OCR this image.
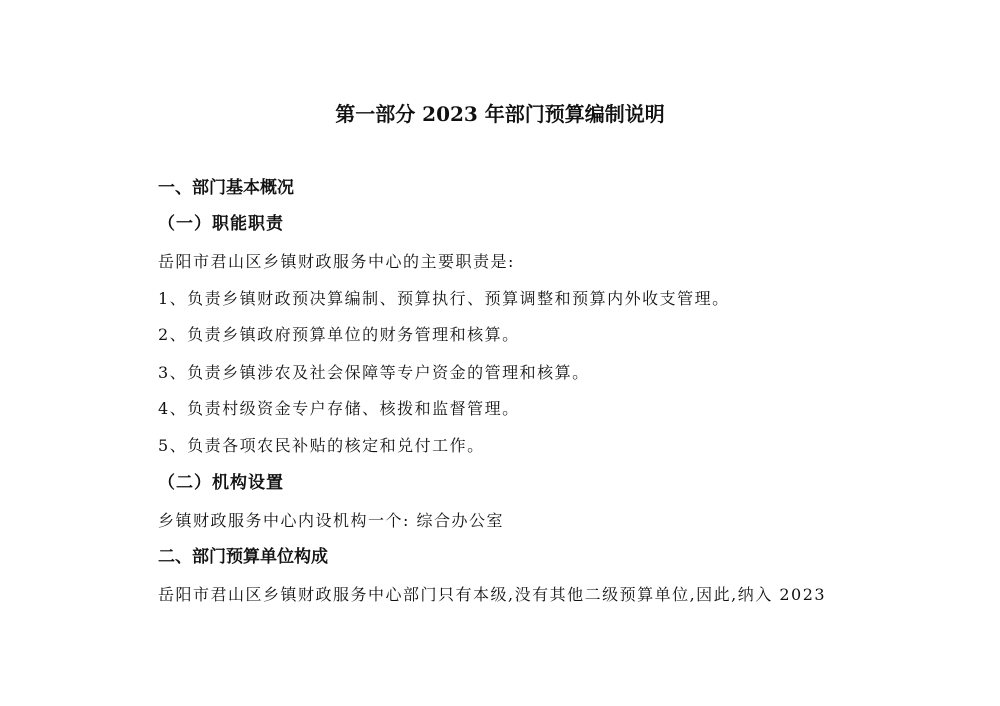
第一部分 2023 年部门预算编制说明
一、部门基本概况
（一）职能职责
岳阳市君山区乡镇财政服务中心的主要职责是:
1、负责乡镇财政预决算编制、预算执行、预算调整和预算内外收支管理。
2、负责乡镇政府预算单位的财务管理和核算。
3、负责乡镇涉农及社会保障等专户资金的管理和核算。
4、负责村级资金专户存储、核拨和监督管理。
5、负责各项农民补贴的核定和兑付工作。
（二）机构设置
乡镇财政服务中心内设机构一个: 综合办公室
二、部门预算单位构成
岳阳市君山区乡镇财政服务中心部门只有本级,没有其他二级预算单位,因此,纳入 2023
